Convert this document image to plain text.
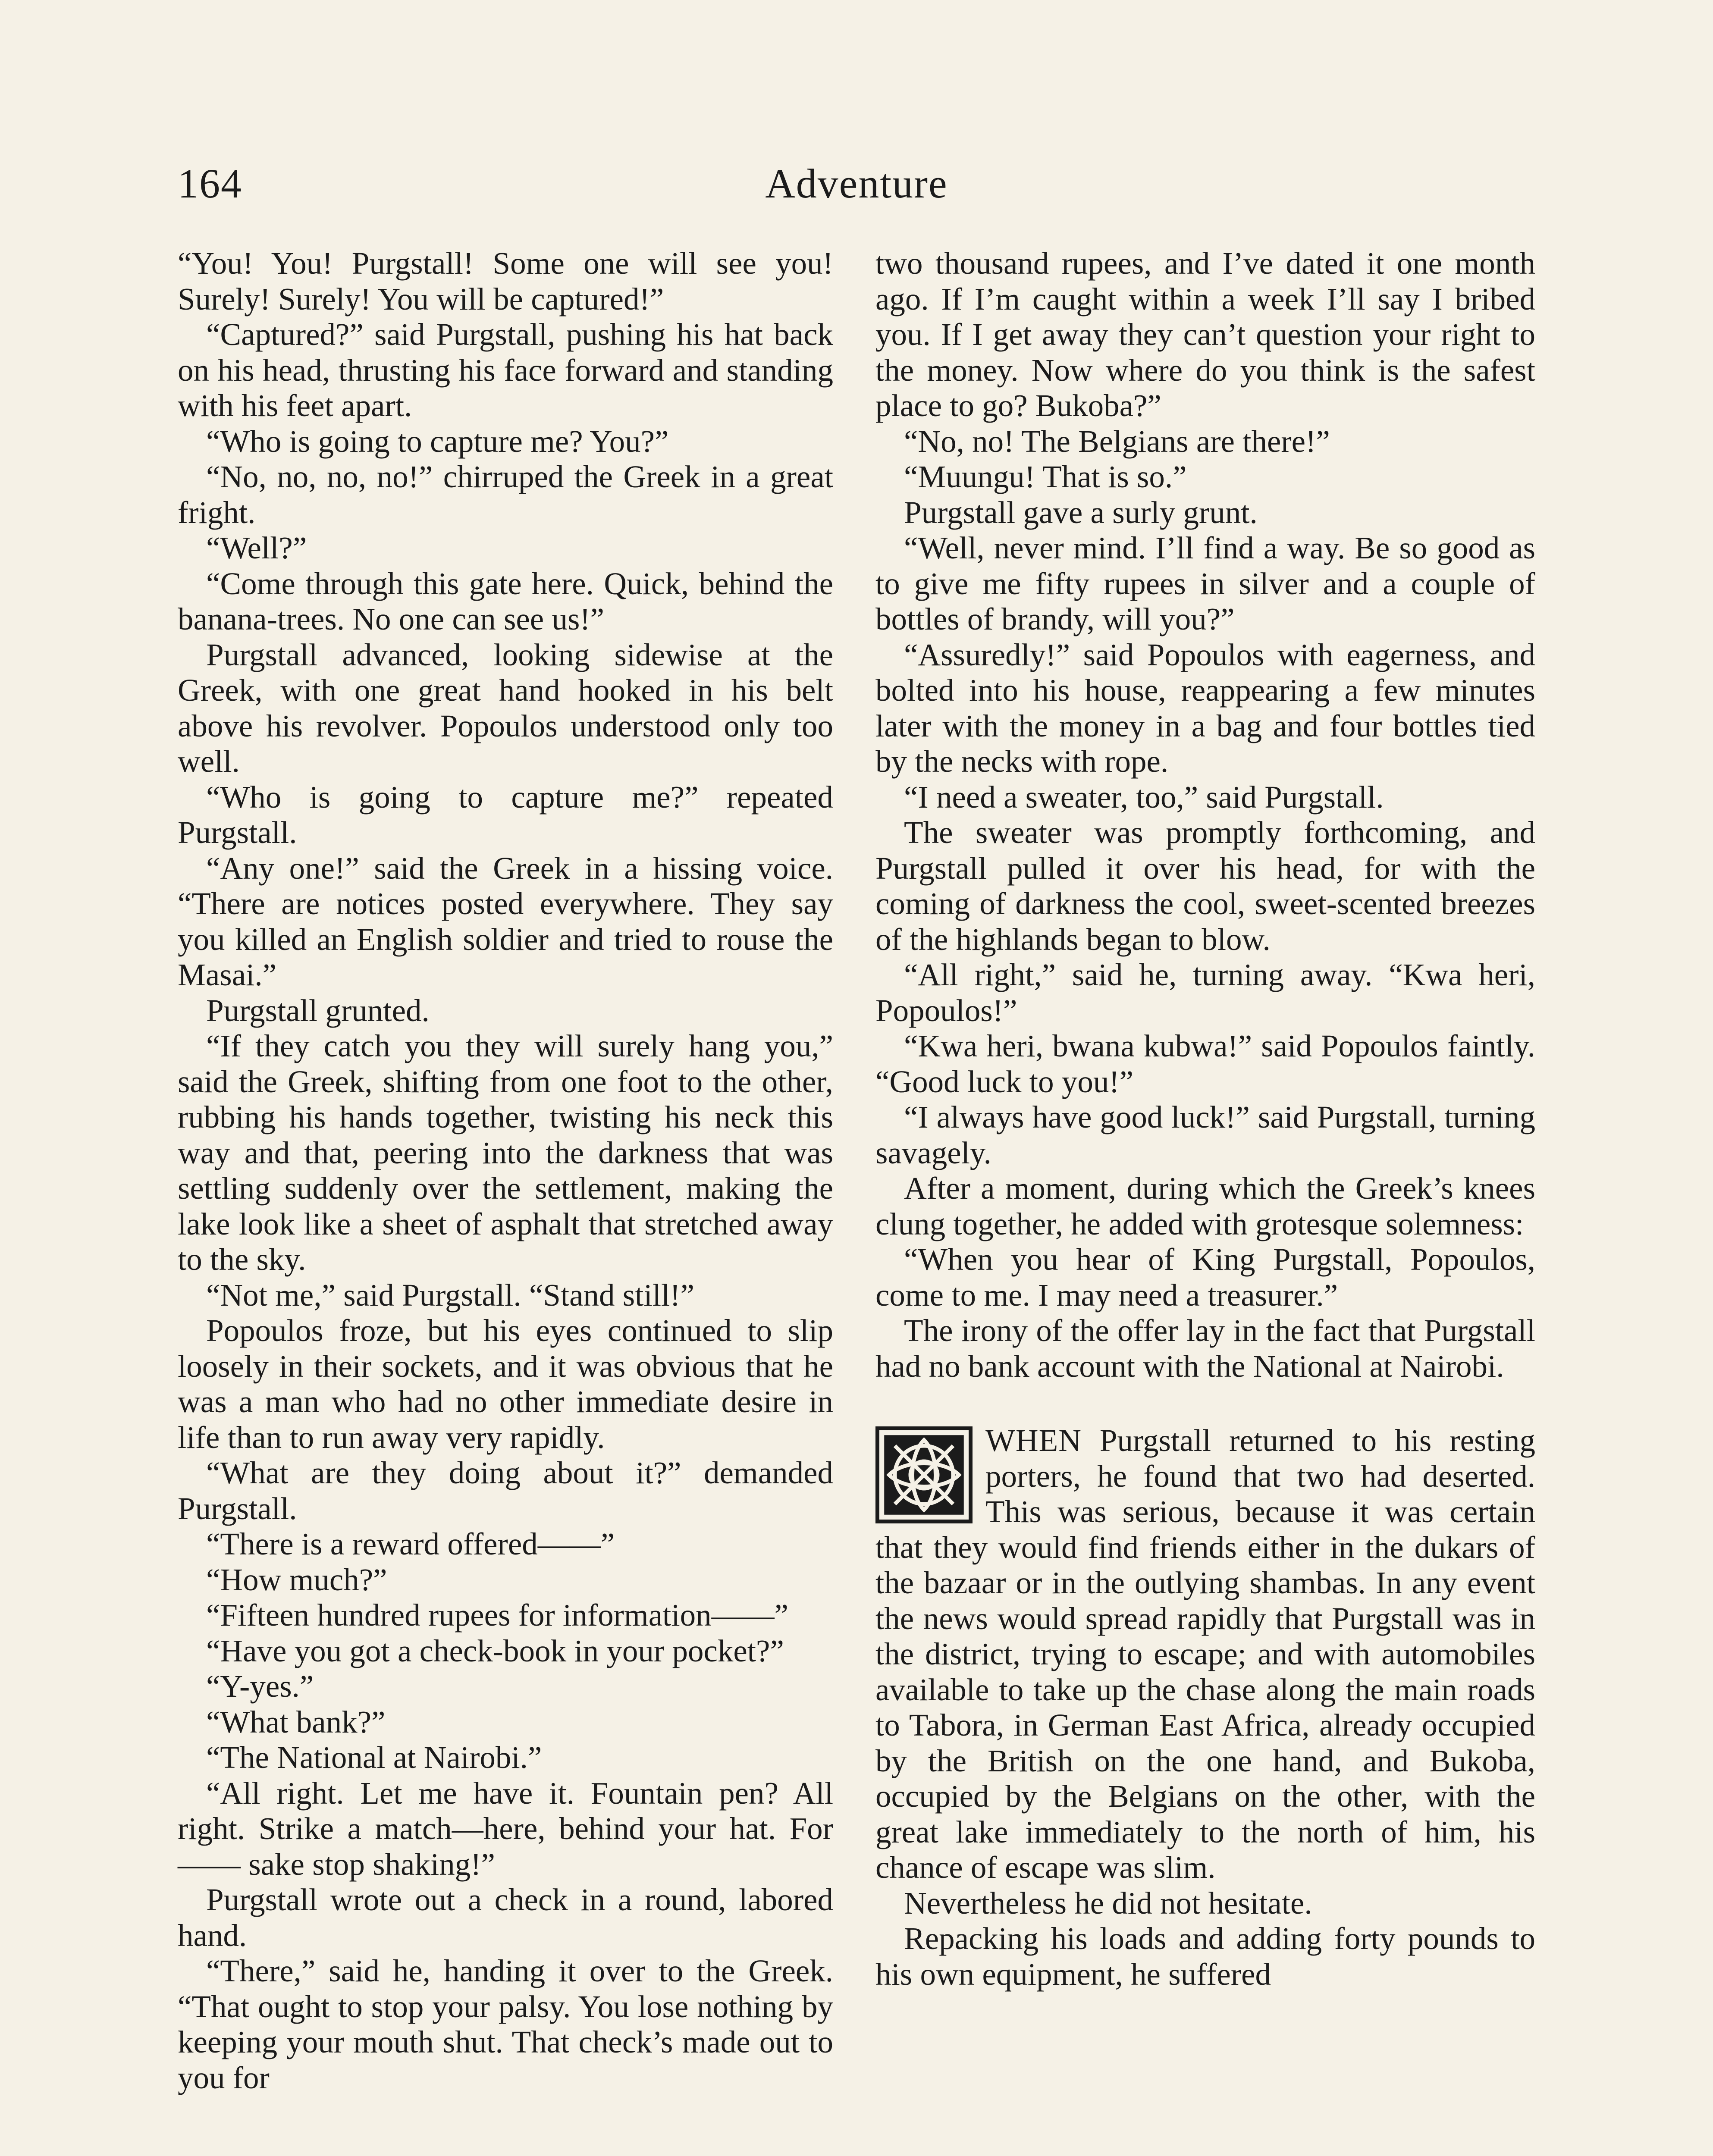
164	Adventure

“You! You! Purgstall! Some one will see you! Surely! Surely! You will be captured!”

“Captured?” said Purgstall, pushing his hat back on his head, thrusting his face forward and standing with his feet apart.

“Who is going to capture me? You?”

“No, no, no, no!” chirruped the Greek in a great fright.

“Well?”

“Come through this gate here. Quick, behind the banana-trees. No one can see us!”

Purgstall advanced, looking sidewise at the Greek, with one great hand hooked in his belt above his revolver. Popoulos understood only too well.

“Who is going to capture me?” repeated Purgstall.

“Any one!” said the Greek in a hissing voice. “There are notices posted everywhere. They say you killed an English soldier and tried to rouse the Masai.”

Purgstall grunted.

“If they catch you they will surely hang you,” said the Greek, shifting from one foot to the other, rubbing his hands together, twisting his neck this way and that, peering into the darkness that was settling suddenly over the settlement, making the lake look like a sheet of asphalt that stretched away to the sky.

“Not me,” said Purgstall. “Stand still!”

Popoulos froze, but his eyes continued to slip loosely in their sockets, and it was obvious that he was a man who had no other immediate desire in life than to run away very rapidly.

“What are they doing about it?” demanded Purgstall.

“There is a reward offered——”

“How much?”

“Fifteen hundred rupees for information——”

“Have you got a check-book in your pocket?”

“Y-yes.”

“What bank?”

“The National at Nairobi.”

“All right. Let me have it. Fountain pen? All right. Strike a match—here, behind your hat. For —— sake stop shaking!”

Purgstall wrote out a check in a round, labored hand.

“There,” said he, handing it over to the Greek. “That ought to stop your palsy. You lose nothing by keeping your mouth shut. That check’s made out to you for

two thousand rupees, and I’ve dated it one month ago. If I’m caught within a week I’ll say I bribed you. If I get away they can’t question your right to the money. Now where do you think is the safest place to go? Bukoba?”

“No, no! The Belgians are there!”

“Muungu! That is so.”

Purgstall gave a surly grunt.

“Well, never mind. I’ll find a way. Be so good as to give me fifty rupees in silver and a couple of bottles of brandy, will you?”

“Assuredly!” said Popoulos with eagerness, and bolted into his house, reappearing a few minutes later with the money in a bag and four bottles tied by the necks with rope.

“I need a sweater, too,” said Purgstall.

The sweater was promptly forthcoming, and Purgstall pulled it over his head, for with the coming of darkness the cool, sweet-scented breezes of the highlands began to blow.

“All right,” said he, turning away. “Kwa heri, Popoulos!”

“Kwa heri, bwana kubwa!” said Popoulos faintly. “Good luck to you!”

“I always have good luck!” said Purgstall, turning savagely.

After a moment, during which the Greek’s knees clung together, he added with grotesque solemness:

“When you hear of King Purgstall, Popoulos, come to me. I may need a treasurer.”

The irony of the offer lay in the fact that Purgstall had no bank account with the National at Nairobi.

WHEN Purgstall returned to his resting porters, he found that two had deserted. This was serious, because it was certain that they would find friends either in the dukars of the bazaar or in the outlying shambas. In any event the news would spread rapidly that Purgstall was in the district, trying to escape; and with automobiles available to take up the chase along the main roads to Tabora, in German East Africa, already occupied by the British on the one hand, and Bukoba, occupied by the Belgians on the other, with the great lake immediately to the north of him, his chance of escape was slim.

Nevertheless he did not hesitate.

Repacking his loads and adding forty pounds to his own equipment, he suffered
